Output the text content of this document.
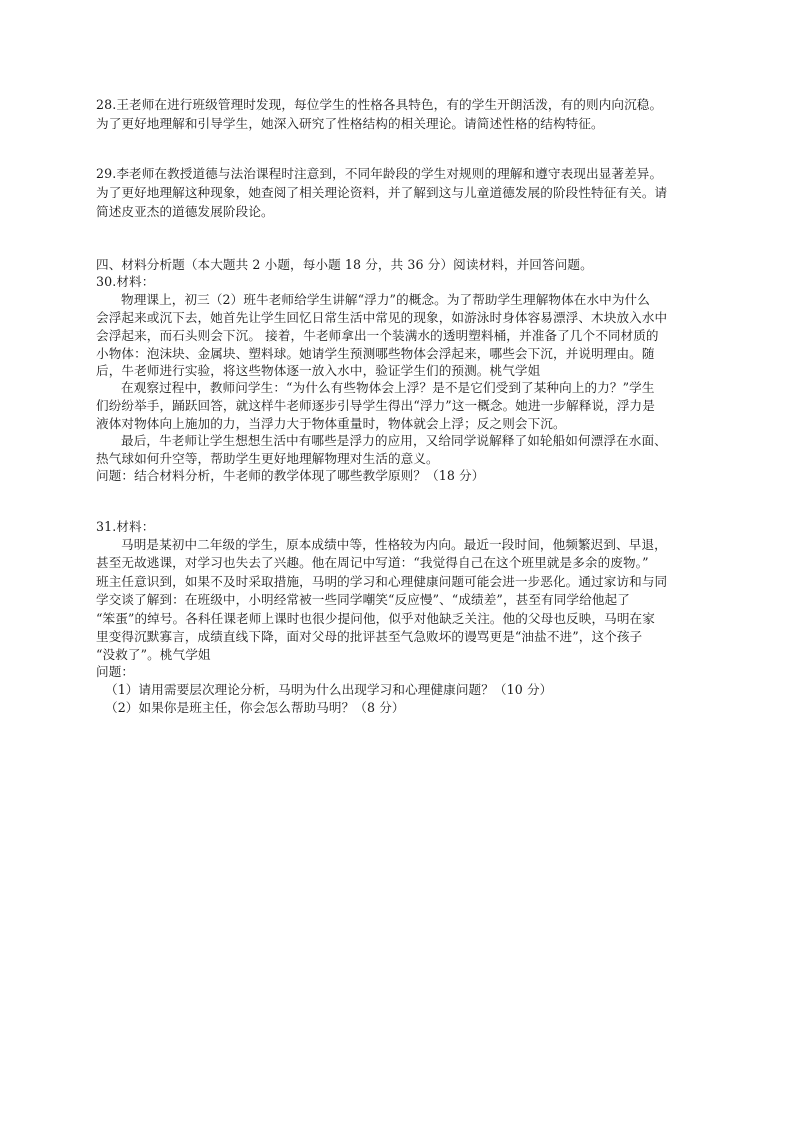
28.王老师在进行班级管理时发现，每位学生的性格各具特色，有的学生开朗活泼，有的则内向沉稳。
为了更好地理解和引导学生，她深入研究了性格结构的相关理论。请简述性格的结构特征。
29.李老师在教授道德与法治课程时注意到，不同年龄段的学生对规则的理解和遵守表现出显著差异。
为了更好地理解这种现象，她查阅了相关理论资料，并了解到这与儿童道德发展的阶段性特征有关。请
简述皮亚杰的道德发展阶段论。
四、材料分析题（本大题共 2 小题，每小题 18 分，共 36 分）阅读材料，并回答问题。
30.材料：
物理课上，初三（2）班牛老师给学生讲解“浮力”的概念。为了帮助学生理解物体在水中为什么
会浮起来或沉下去，她首先让学生回忆日常生活中常见的现象，如游泳时身体容易漂浮、木块放入水中
会浮起来，而石头则会下沉。 接着，牛老师拿出一个装满水的透明塑料桶，并准备了几个不同材质的
小物体：泡沫块、金属块、塑料球。她请学生预测哪些物体会浮起来，哪些会下沉，并说明理由。随
后，牛老师进行实验，将这些物体逐一放入水中，验证学生们的预测。桃气学姐
在观察过程中，教师问学生：“为什么有些物体会上浮？是不是它们受到了某种向上的力？”学生
们纷纷举手，踊跃回答，就这样牛老师逐步引导学生得出“浮力”这一概念。她进一步解释说，浮力是
液体对物体向上施加的力，当浮力大于物体重量时，物体就会上浮；反之则会下沉。
最后，牛老师让学生想想生活中有哪些是浮力的应用，又给同学说解释了如轮船如何漂浮在水面、
热气球如何升空等，帮助学生更好地理解物理对生活的意义。
问题：结合材料分析，牛老师的教学体现了哪些教学原则？（18 分）
31.材料：
马明是某初中二年级的学生，原本成绩中等，性格较为内向。最近一段时间，他频繁迟到、早退，
甚至无故逃课，对学习也失去了兴趣。他在周记中写道：“我觉得自己在这个班里就是多余的废物。”
班主任意识到，如果不及时采取措施，马明的学习和心理健康问题可能会进一步恶化。通过家访和与同
学交谈了解到：在班级中，小明经常被一些同学嘲笑“反应慢”、“成绩差”，甚至有同学给他起了
“笨蛋”的绰号。各科任课老师上课时也很少提问他，似乎对他缺乏关注。他的父母也反映，马明在家
里变得沉默寡言，成绩直线下降，面对父母的批评甚至气急败坏的谩骂更是“油盐不进”，这个孩子
“没救了”。桃气学姐
问题：
（1）请用需要层次理论分析，马明为什么出现学习和心理健康问题？（10 分）
（2）如果你是班主任，你会怎么帮助马明？（8 分）
